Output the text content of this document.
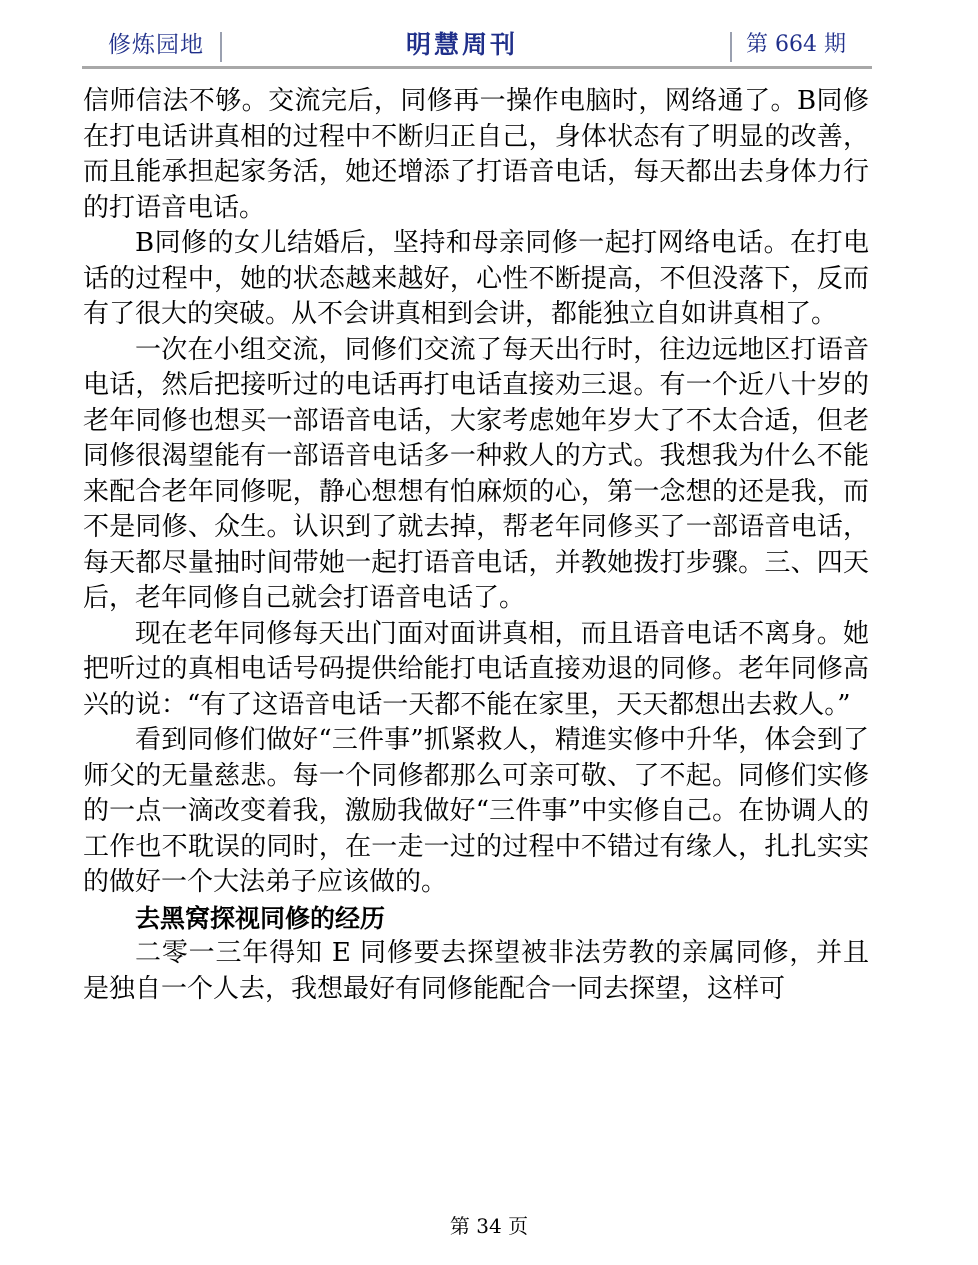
修炼园地	明慧周刊	第 664 期

信师信法不够。交流完后，同修再一操作电脑时，网络通了。B同修在打电话讲真相的过程中不断归正自己，身体状态有了明显的改善，而且能承担起家务活，她还增添了打语音电话，每天都出去身体力行的打语音电话。

B同修的女儿结婚后，坚持和母亲同修一起打网络电话。在打电话的过程中，她的状态越来越好，心性不断提高，不但没落下，反而有了很大的突破。从不会讲真相到会讲，都能独立自如讲真相了。

一次在小组交流，同修们交流了每天出行时，往边远地区打语音电话，然后把接听过的电话再打电话直接劝三退。有一个近八十岁的老年同修也想买一部语音电话，大家考虑她年岁大了不太合适，但老同修很渴望能有一部语音电话多一种救人的方式。我想我为什么不能来配合老年同修呢，静心想想有怕麻烦的心，第一念想的还是我，而不是同修、众生。认识到了就去掉，帮老年同修买了一部语音电话，每天都尽量抽时间带她一起打语音电话，并教她拨打步骤。三、四天后，老年同修自己就会打语音电话了。

现在老年同修每天出门面对面讲真相，而且语音电话不离身。她把听过的真相电话号码提供给能打电话直接劝退的同修。老年同修高兴的说：“有了这语音电话一天都不能在家里，天天都想出去救人。”

看到同修们做好“三件事”抓紧救人，精進实修中升华，体会到了师父的无量慈悲。每一个同修都那么可亲可敬、了不起。同修们实修的一点一滴改变着我，激励我做好“三件事”中实修自己。在协调人的工作也不耽误的同时，在一走一过的过程中不错过有缘人，扎扎实实的做好一个大法弟子应该做的。

去黑窝探视同修的经历

二零一三年得知 E 同修要去探望被非法劳教的亲属同修，并且是独自一个人去，我想最好有同修能配合一同去探望，这样可

第 34 页
